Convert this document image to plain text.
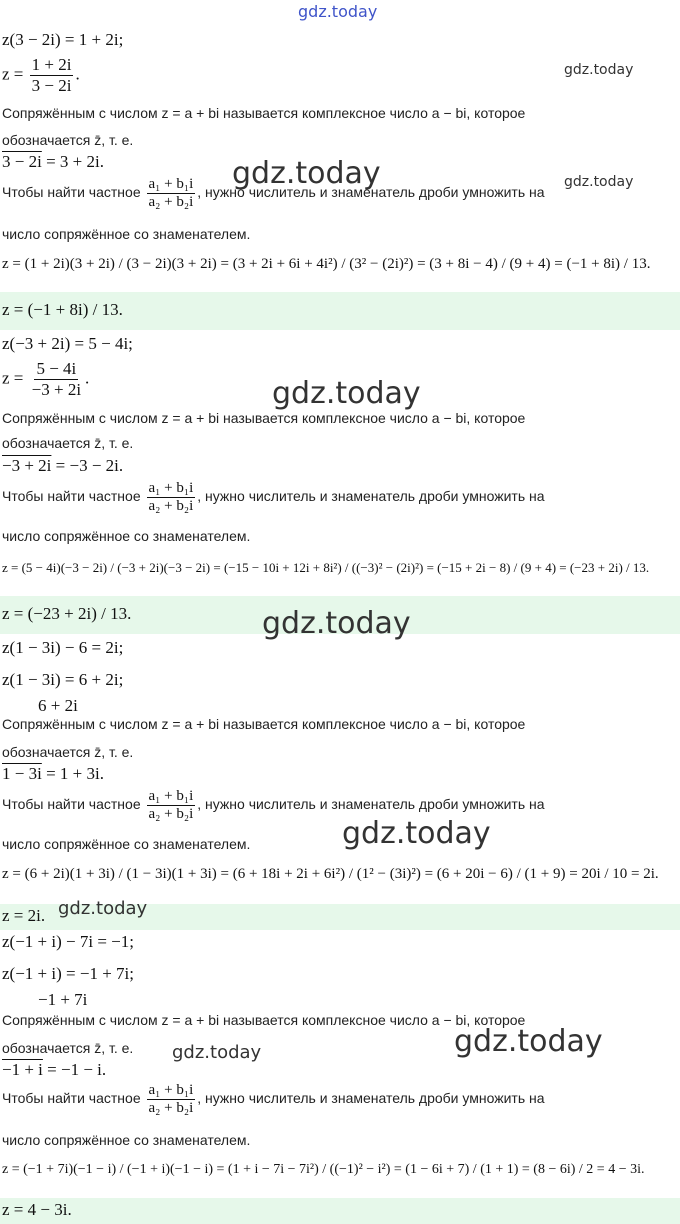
gdz.today
gdz.today
gdz.today	gdz.today
gdz.today
gdz.today
gdz.today
gdz.today
gdz.today	gdz.today
z(3 − 2i) = 1 + 2i;
$z = \frac{1 + 2i}{3 - 2i}$ .
Сопряжённым с числом z = a + bi называется комплексное число a − bi, которое
обозначается z̄, т. е.
3 − 2i = 3 + 2i.
Чтобы найти частное $\frac{\text{a₁ + b₁i}}{\text{a₂ + b₂i}}$ , нужно числитель и знаменатель дроби умножить на
число сопряжённое со знаменателем.
z = (1 + 2i)(3 + 2i) / (3 − 2i)(3 + 2i) = (3 + 2i + 6i + 4i²) / (3² − (2i)²) = (3 + 8i − 4) / (9 + 4) = (−1 + 8i) / 13.
z = (−1 + 8i) / 13.
z(−3 + 2i) = 5 − 4i;
$z = \frac{5 - 4i}{-3 + 2i}$ .
Сопряжённым с числом z = a + bi называется комплексное число a − bi, которое
обозначается z̄, т. е.
−3 + 2i = −3 − 2i.
Чтобы найти частное $\frac{\text{a₁ + b₁i}}{\text{a₂ + b₂i}}$ , нужно числитель и знаменатель дроби умножить на
число сопряжённое со знаменателем.
z = (5 − 4i)(−3 − 2i) / (−3 + 2i)(−3 − 2i) = (−15 − 10i + 12i + 8i²) / ((−3)² − (2i)²) = (−15 + 2i − 8) / (9 + 4) = (−23 + 2i) / 13.
z = (−23 + 2i) / 13.
z(1 − 3i) − 6 = 2i;
z(1 − 3i) = 6 + 2i;
6 + 2i
Сопряжённым с числом z = a + bi называется комплексное число a − bi, которое
обозначается z̄, т. е.
1 − 3i = 1 + 3i.
Чтобы найти частное $\frac{\text{a₁ + b₁i}}{\text{a₂ + b₂i}}$ , нужно числитель и знаменатель дроби умножить на
число сопряжённое со знаменателем.
z = (6 + 2i)(1 + 3i) / (1 − 3i)(1 + 3i) = (6 + 18i + 2i + 6i²) / (1² − (3i)²) = (6 + 20i − 6) / (1 + 9) = 20i / 10 = 2i.
z = 2i.
z(−1 + i) − 7i = −1;
z(−1 + i) = −1 + 7i;
−1 + 7i
Сопряжённым с числом z = a + bi называется комплексное число a − bi, которое
обозначается z̄, т. е.
−1 + i = −1 − i.
Чтобы найти частное $\frac{\text{a₁ + b₁i}}{\text{a₂ + b₂i}}$ , нужно числитель и знаменатель дроби умножить на
число сопряжённое со знаменателем.
z = (−1 + 7i)(−1 − i) / (−1 + i)(−1 − i) = (1 + i − 7i − 7i²) / ((−1)² − i²) = (1 − 6i + 7) / (1 + 1) = (8 − 6i) / 2 = 4 − 3i.
z = 4 − 3i.
